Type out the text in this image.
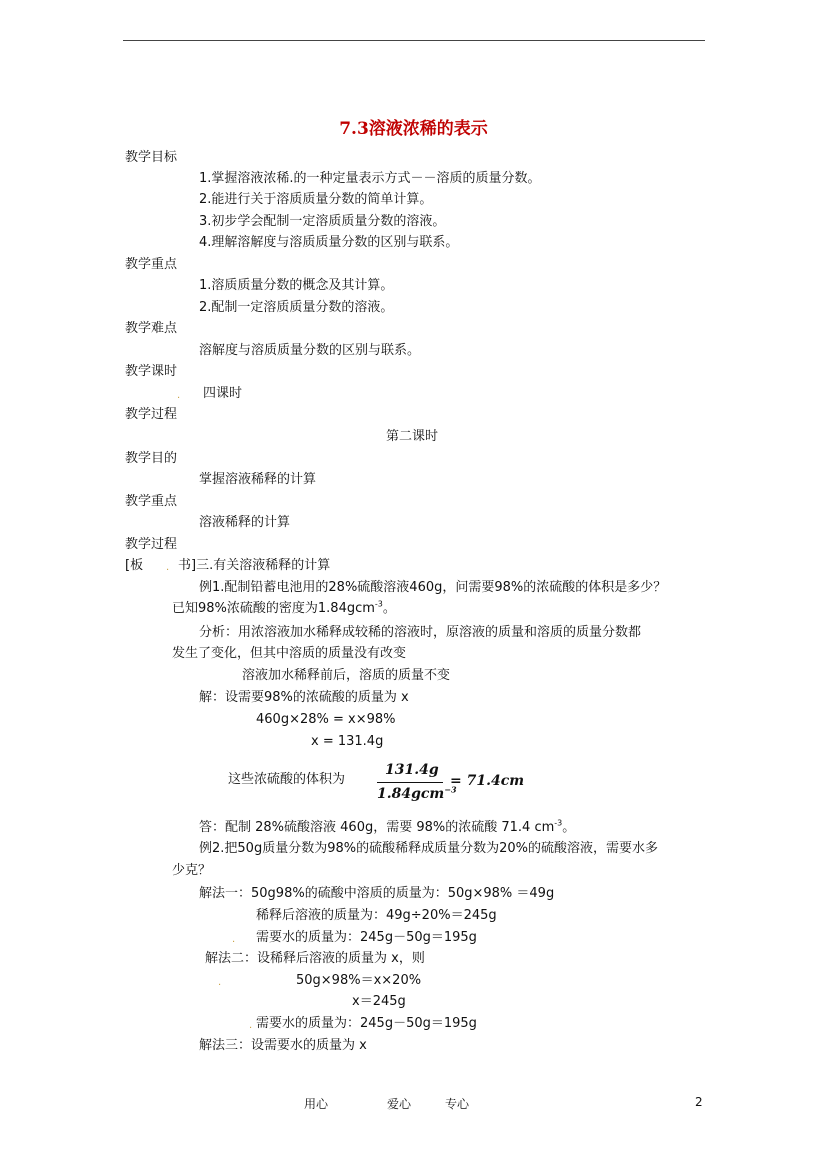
7.3溶液浓稀的表示
教学目标
1.掌握溶液浓稀.的一种定量表示方式－－溶质的质量分数。
2.能进行关于溶质质量分数的简单计算。
3.初步学会配制一定溶质质量分数的溶液。
4.理解溶解度与溶质质量分数的区别与联系。
教学重点
1.溶质质量分数的概念及其计算。
2.配制一定溶质质量分数的溶液。
教学难点
溶解度与溶质质量分数的区别与联系。
教学课时
. 四课时
教学过程
第二课时
教学目的
掌握溶液稀释的计算
教学重点
溶液稀释的计算
教学过程
[板 . 书]三.有关溶液稀释的计算
例1.配制铅蓄电池用的28%硫酸溶液460g，问需要98%的浓硫酸的体积是多少？
已知98%浓硫酸的密度为1.84gcm$^{-3}$。
分析：用浓溶液加水稀释成较稀的溶液时，原溶液的质量和溶质的质量分数都
发生了变化，但其中溶质的质量没有改变
溶液加水稀释前后，溶质的质量不变
解：设需要98%的浓硫酸的质量为 x
460g×28% = x×98%
x = 131.4g
这些浓硫酸的体积为
131.4g
1.84gcm$^{-3}$
= 71.4cm
答：配制 28%硫酸溶液 460g，需要 98%的浓硫酸 71.4 $cm^{-3}$。
例2.把50g质量分数为98%的硫酸稀释成质量分数为20%的硫酸溶液，需要水多
少克？
解法一：50g98%的硫酸中溶质的质量为：50g×98% ＝49g
稀释后溶液的质量为：49g÷20%＝245g
. 需要水的质量为：245g－50g＝195g
解法二：设稀释后溶液的质量为 x，则
.	50g×98%＝x×20%
x＝245g
. 需要水的质量为：245g－50g＝195g
解法三：设需要水的质量为 x
用心	爱心	专心	2
